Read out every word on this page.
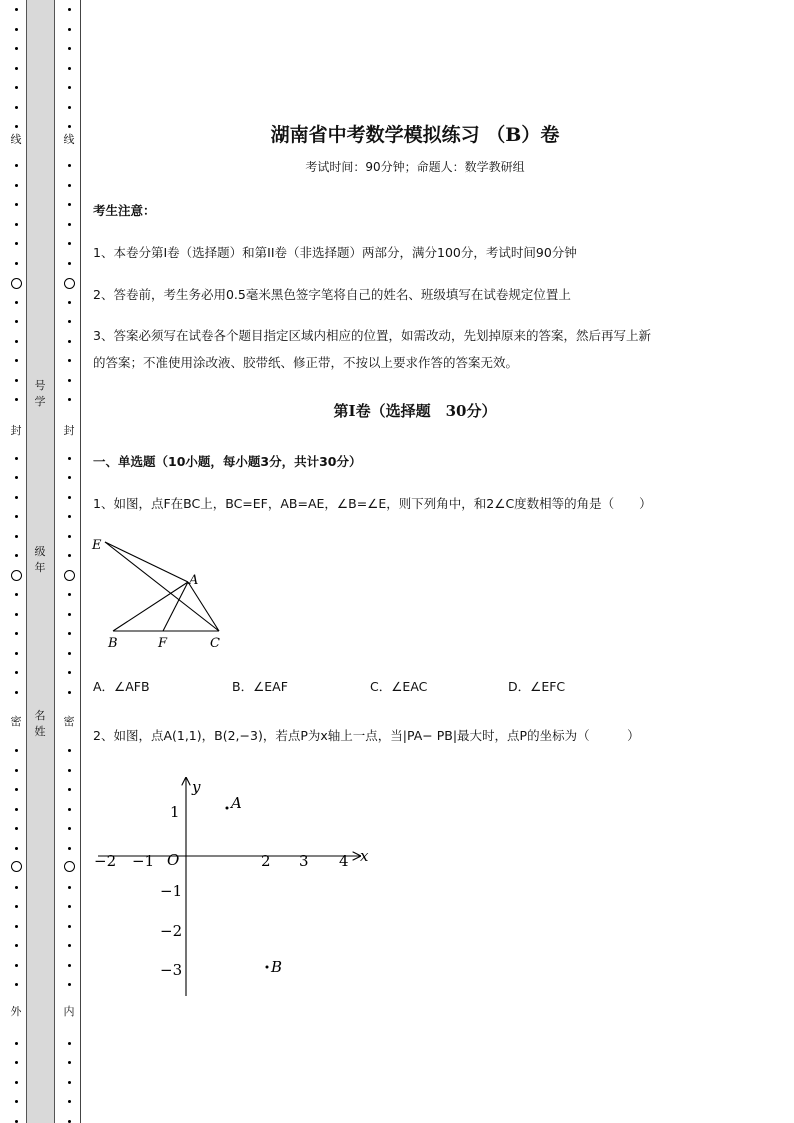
线
封
密
外
线
封
密
内
号学
级年
名姓
湖南省中考数学模拟练习 （B）卷
考试时间：90分钟；命题人：数学教研组
考生注意：
1、本卷分第I卷（选择题）和第II卷（非选择题）两部分，满分100分，考试时间90分钟
2、答卷前，考生务必用0.5毫米黑色签字笔将自己的姓名、班级填写在试卷规定位置上
3、答案必须写在试卷各个题目指定区域内相应的位置，如需改动，先划掉原来的答案，然后再写上新
的答案；不准使用涂改液、胶带纸、修正带，不按以上要求作答的答案无效。
第I卷（选择题　30分）
一、单选题（10小题，每小题3分，共计30分）
1、如图，点F在BC上，BC=EF，AB=AE，∠B=∠E，则下列角中，和2∠C度数相等的角是（　　）
E
A
B	F	C
A．∠AFB	B．∠EAF	C．∠EAC	D．∠EFC
2、如图，点A(1,1)，B(2,−3)，若点P为x轴上一点，当|PA− PB|最大时，点P的坐标为（　　　）
x
y
O
−2 −1	2 3 4
1
−1
−2
−3
A
B
